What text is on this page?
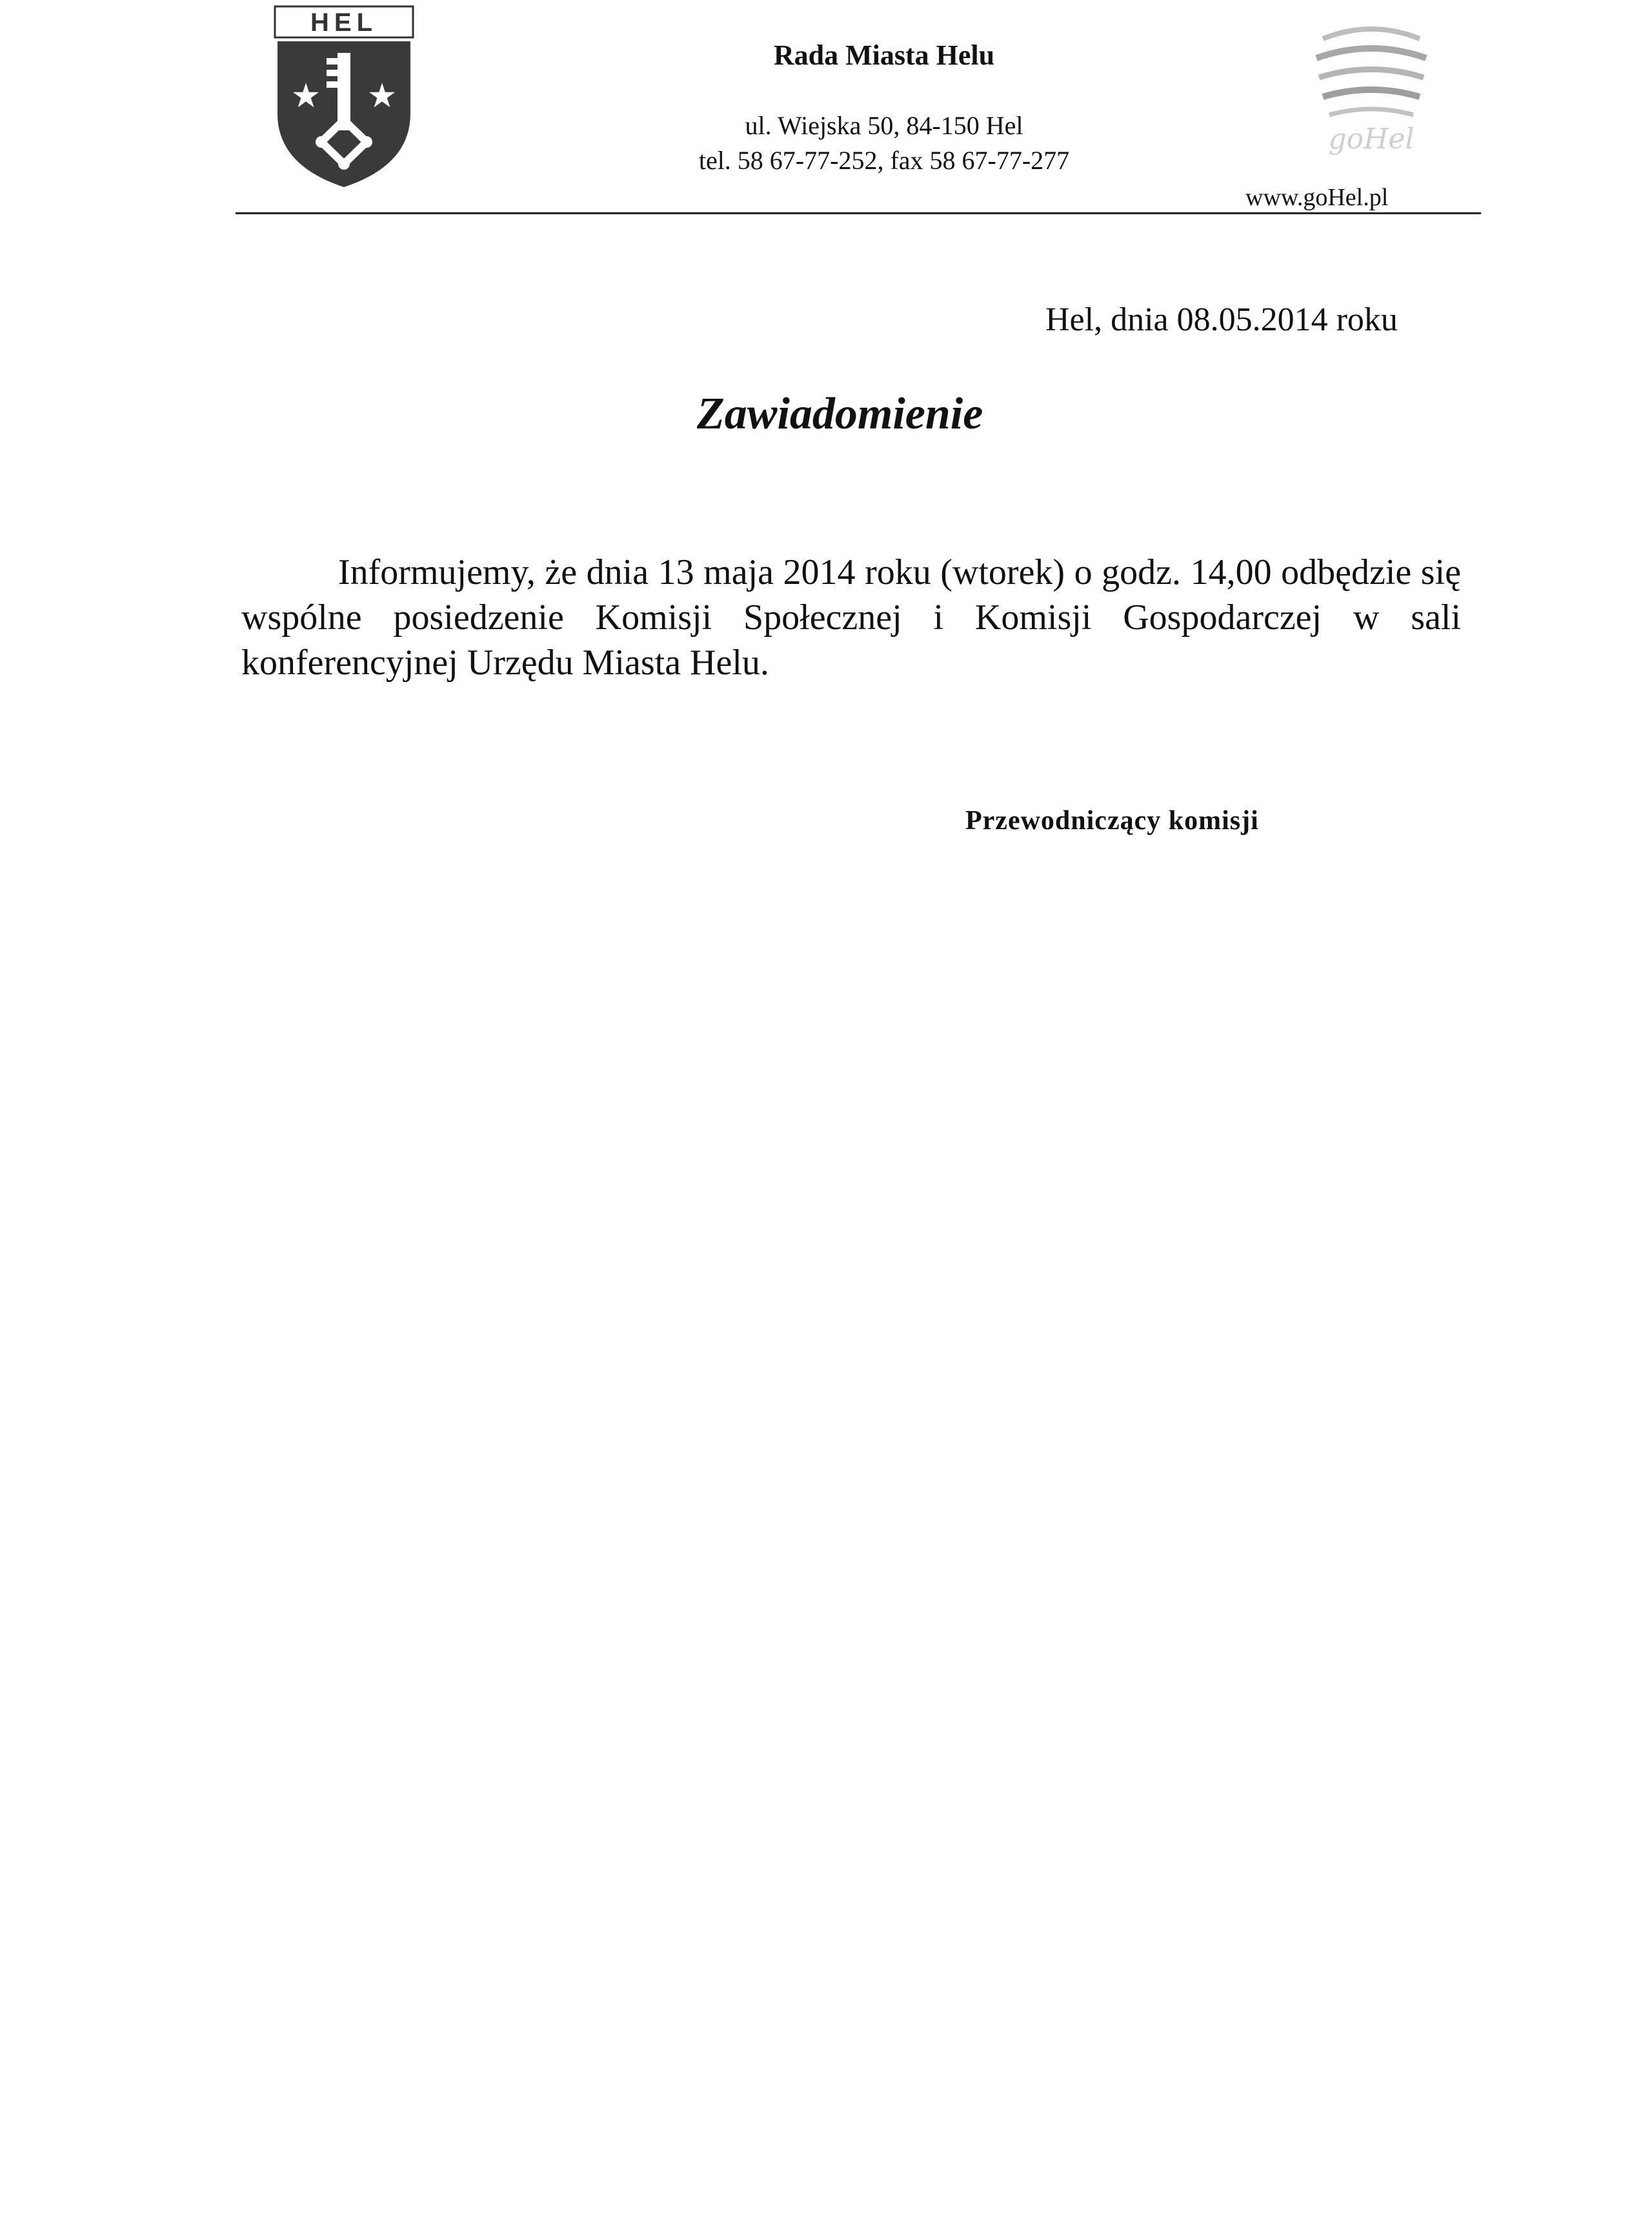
HEL
★ ★
Rada Miasta Helu
ul. Wiejska 50, 84-150 Hel
tel. 58 67-77-252, fax 58 67-77-277
goHel
www.goHel.pl
Hel, dnia 08.05.2014 roku
Zawiadomienie

Informujemy, że dnia 13 maja 2014 roku (wtorek) o godz. 14,00 odbędzie się wspólne posiedzenie Komisji Społecznej i Komisji Gospodarczej w sali konferencyjnej Urzędu Miasta Helu.

Przewodniczący komisji
